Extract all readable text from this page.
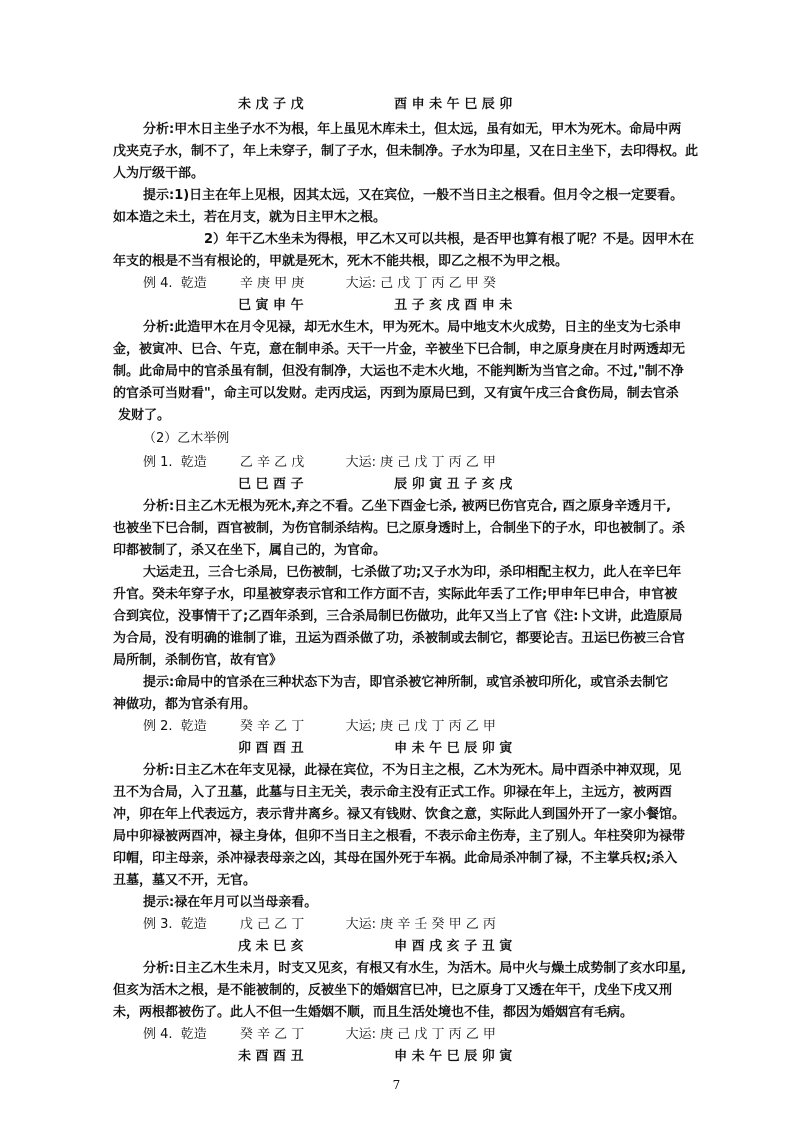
未 戊 子 戊                    酉 申 未 午 巳 辰 卯
分析:甲木日主坐子水不为根，年上虽见木库未土，但太远，虽有如无，甲木为死木。命局中两
戊夹克子水，制不了，年上未穿子，制了子水，但未制净。子水为印星，又在日主坐下，去印得权。此
人为厅级干部。
提示:1)日主在年上见根，因其太远，又在宾位，一般不当日主之根看。但月令之根一定要看。
如本造之未土，若在月支，就为日主甲木之根。
2）年干乙木坐未为得根，甲乙木又可以共根，是否甲也算有根了呢？不是。因甲木在
年支的根是不当有根论的，甲就是死木，死木不能共根，即乙之根不为甲之根。
例 4.  乾造        辛 庚 甲 庚          大运: 己 戊 丁 丙 乙 甲 癸
巳 寅 申 午                    丑 子 亥 戌 酉 申 未
分析:此造甲木在月令见禄，却无水生木，甲为死木。局中地支木火成势，日主的坐支为七杀申
金，被寅冲、巳合、午克，意在制申杀。天干一片金，辛被坐下巳合制，申之原身庚在月时两透却无
制。此命局中的官杀虽有制，但没有制净，大运也不走木火地，不能判断为当官之命。不过,"制不净
的官杀可当财看"，命主可以发财。走丙戌运，丙到为原局巳到，又有寅午戌三合食伤局，制去官杀
发财了。
（2）乙木举例
例 1.  乾造        乙 辛 乙 戊          大运: 庚 己 戊 丁 丙 乙 甲
巳 巳 酉 子                    辰 卯 寅 丑 子 亥 戌
分析:日主乙木无根为死木,弃之不看。乙坐下酉金七杀, 被两巳伤官克合, 酉之原身辛透月干,
也被坐下巳合制，酉官被制，为伤官制杀结构。巳之原身透时上，合制坐下的子水，印也被制了。杀
印都被制了，杀又在坐下，属自己的，为官命。
大运走丑，三合七杀局，巳伤被制，七杀做了功;又子水为印，杀印相配主权力，此人在辛巳年
升官。癸未年穿子水，印星被穿表示官和工作方面不吉，实际此年丢了工作;甲申年巳申合，申官被
合到宾位，没事情干了;乙酉年杀到，三合杀局制巳伤做功，此年又当上了官《注:卜文讲，此造原局
为合局，没有明确的谁制了谁，丑运为酉杀做了功，杀被制或去制它，都要论吉。丑运巳伤被三合官
局所制，杀制伤官，故有官》
提示:命局中的官杀在三种状态下为吉，即官杀被它神所制，或官杀被印所化，或官杀去制它
神做功，都为官杀有用。
例 2.  乾造        癸 辛 乙 丁          大运; 庚 己 戊 丁 丙 乙 甲
卯 酉 酉 丑                    申 未 午 巳 辰 卯 寅
分析:日主乙木在年支见禄，此禄在宾位，不为日主之根，乙木为死木。局中酉杀中神双现，见
丑不为合局，入了丑墓，此墓与日主无关，表示命主没有正式工作。卯禄在年上，主远方，被两酉
冲，卯在年上代表远方，表示背井离乡。禄又有钱财、饮食之意，实际此人到国外开了一家小餐馆。
局中卯禄被两酉冲，禄主身体，但卯不当日主之根看，不表示命主伤寿，主了别人。年柱癸卯为禄带
印帽，印主母亲，杀冲禄表母亲之凶，其母在国外死于车祸。此命局杀冲制了禄，不主掌兵权;杀入
丑墓，墓又不开，无官。
提示:禄在年月可以当母亲看。
例 3.  乾造        戊 己 乙 丁          大运: 庚 辛 壬 癸 甲 乙 丙
戌 未 巳 亥                    申 酉 戌 亥 子 丑 寅
分析:日主乙木生未月，时支又见亥，有根又有水生，为活木。局中火与燥土成势制了亥水印星,
但亥为活木之根，是不能被制的，反被坐下的婚姻宫巳冲，巳之原身丁又透在年干，戊坐下戌又刑
未，两根都被伤了。此人不但一生婚姻不顺，而且生活处境也不佳，都因为婚姻宫有毛病。
例 4.  乾造        癸 辛 乙 丁          大运: 庚 己 戊 丁 丙 乙 甲
未 酉 酉 丑                    申 未 午 巳 辰 卯 寅
7
